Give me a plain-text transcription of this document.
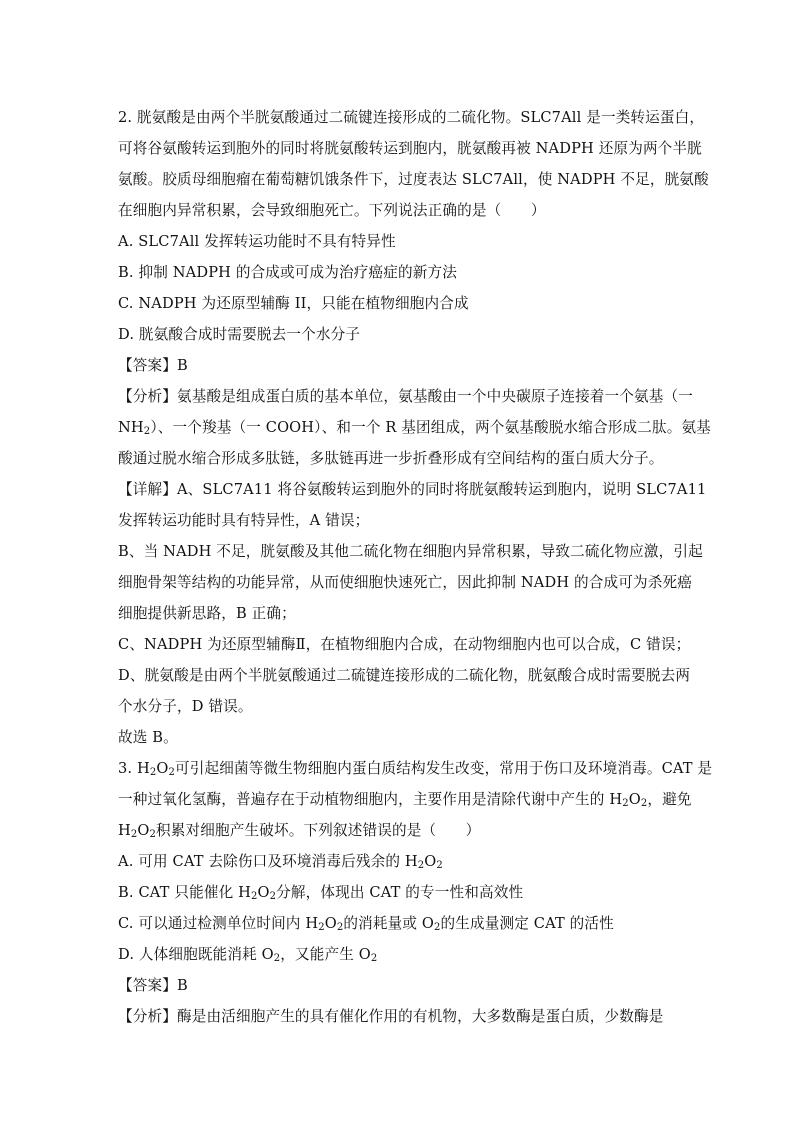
2. 胱氨酸是由两个半胱氨酸通过二硫键连接形成的二硫化物。SLC7All 是一类转运蛋白，
可将谷氨酸转运到胞外的同时将胱氨酸转运到胞内，胱氨酸再被 NADPH 还原为两个半胱
氨酸。胶质母细胞瘤在葡萄糖饥饿条件下，过度表达 SLC7All，使 NADPH 不足，胱氨酸
在细胞内异常积累，会导致细胞死亡。下列说法正确的是（　　）
A. SLC7All 发挥转运功能时不具有特异性
B. 抑制 NADPH 的合成或可成为治疗癌症的新方法
C. NADPH 为还原型辅酶 II，只能在植物细胞内合成
D. 胱氨酸合成时需要脱去一个水分子
【答案】B
【分析】氨基酸是组成蛋白质的基本单位，氨基酸由一个中央碳原子连接着一个氨基（一
$NH_2$）、一个羧基（一 COOH）、和一个 R 基团组成，两个氨基酸脱水缩合形成二肽。氨基
酸通过脱水缩合形成多肽链，多肽链再进一步折叠形成有空间结构的蛋白质大分子。
【详解】A、SLC7A11 将谷氨酸转运到胞外的同时将胱氨酸转运到胞内，说明 SLC7A11
发挥转运功能时具有特异性，A 错误；
B、当 NADH 不足，胱氨酸及其他二硫化物在细胞内异常积累，导致二硫化物应激，引起
细胞骨架等结构的功能异常，从而使细胞快速死亡，因此抑制 NADH 的合成可为杀死癌
细胞提供新思路，B 正确；
C、NADPH 为还原型辅酶Ⅱ，在植物细胞内合成，在动物细胞内也可以合成，C 错误；
D、胱氨酸是由两个半胱氨酸通过二硫键连接形成的二硫化物，胱氨酸合成时需要脱去两
个水分子，D 错误。
故选 B。
3. $H_2O_2$可引起细菌等微生物细胞内蛋白质结构发生改变，常用于伤口及环境消毒。CAT 是
一种过氧化氢酶，普遍存在于动植物细胞内，主要作用是清除代谢中产生的 $H_2O_2$，避免
$H_2O_2$积累对细胞产生破坏。下列叙述错误的是（　　）
A. 可用 CAT 去除伤口及环境消毒后残余的 $H_2O_2$
B. CAT 只能催化 $H_2O_2$分解，体现出 CAT 的专一性和高效性
C. 可以通过检测单位时间内 $H_2O_2$的消耗量或 $O_2$的生成量测定 CAT 的活性
D. 人体细胞既能消耗 $O_2$，又能产生 $O_2$
【答案】B
【分析】酶是由活细胞产生的具有催化作用的有机物，大多数酶是蛋白质，少数酶是
